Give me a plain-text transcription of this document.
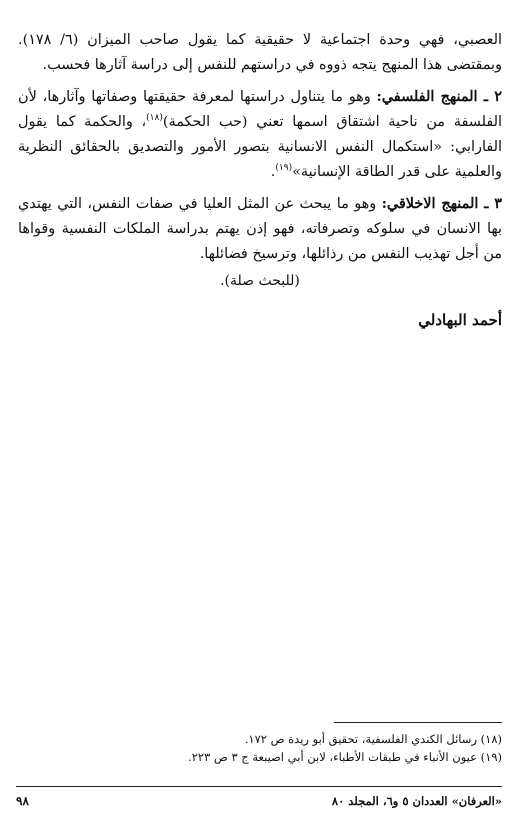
العصبي، فهي وحدة اجتماعية لا حقيقية كما يقول صاحب الميزان (٦/ ١٧٨). وبمقتضى هذا المنهج يتجه ذووه في دراستهم للنفس إلى دراسة آثارها فحسب.

٢ ـ المنهج الفلسفي: وهو ما يتناول دراستها لمعرفة حقيقتها وصفاتها وآثارها، لأن الفلسفة من ناحية اشتقاق اسمها تعني (حب الحكمة)$^{(١٨)}$، والحكمة كما يقول الفارابي: «استكمال النفس الانسانية بتصور الأمور والتصديق بالحقائق النظرية والعلمية على قدر الطاقة الإنسانية»$^{(١٩)}$.

٣ ـ المنهج الاخلاقي: وهو ما يبحث عن المثل العليا في صفات النفس، التي يهتدي بها الانسان في سلوكه وتصرفاته، فهو إذن يهتم بدراسة الملكات النفسية وقواها من أجل تهذيب النفس من رذائلها، وترسيخ فضائلها.

(للبحث صلة).
أحمد البهادلي
(١٨) رسائل الكندي الفلسفية، تحقيق أبو ريدة ص ١٧٢.
(١٩) عيون الأنباء في طبقات الأطباء، لابن أبي اصيبعة ج ٣ ص ٢٢٣.
«العرفان» العددان ٥ و٦، المجلد ٨٠
٩٨
